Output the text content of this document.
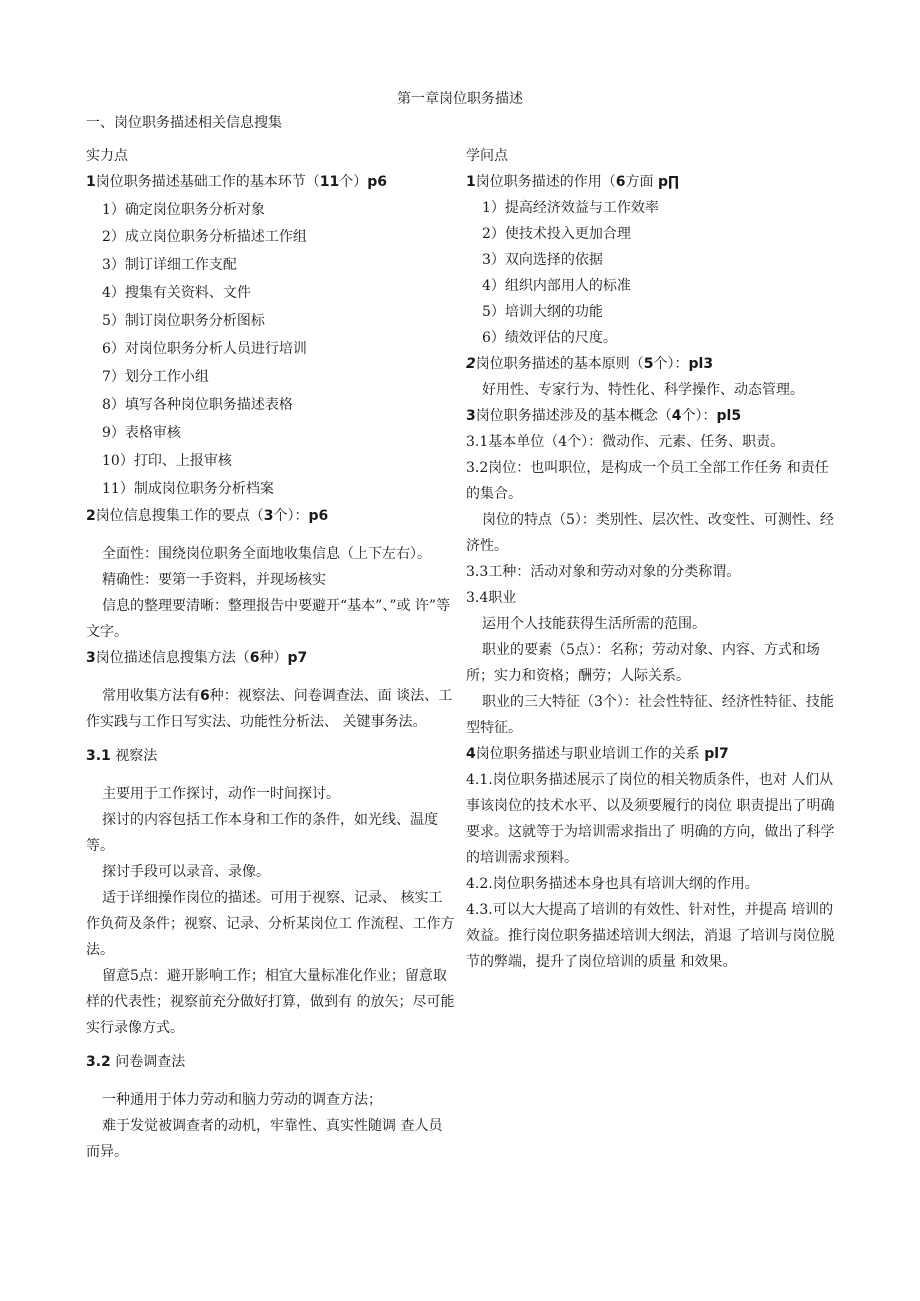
第一章岗位职务描述
一、岗位职务描述相关信息搜集
实力点
1岗位职务描述基础工作的基本环节（11个）p6
1）确定岗位职务分析对象
2）成立岗位职务分析描述工作组
3）制订详细工作支配
4）搜集有关资料、文件
5）制订岗位职务分析图标
6）对岗位职务分析人员进行培训
7）划分工作小组
8）填写各种岗位职务描述表格
9）表格审核
10）打印、上报审核
11）制成岗位职务分析档案
2岗位信息搜集工作的要点（3个）：p6
全面性：围绕岗位职务全面地收集信息（上下左右）。
精确性：要第一手资料，并现场核实
信息的整理要清晰：整理报告中要避开“基本”、”或 许”等文字。
3岗位描述信息搜集方法（6种）p7
常用收集方法有6种：视察法、问卷调查法、面 谈法、工作实践与工作日写实法、功能性分析法、 关键事务法。
3.1 视察法
主要用于工作探讨，动作一时间探讨。
探讨的内容包括工作本身和工作的条件，如光线、温度等。
探讨手段可以录音、录像。
适于详细操作岗位的描述。可用于视察、记录、 核实工作负荷及条件；视察、记录、分析某岗位工 作流程、工作方法。
留意5点：避开影响工作；相宜大量标准化作业；留意取样的代表性；视察前充分做好打算，做到有 的放矢；尽可能实行录像方式。
3.2 问卷调查法
一种通用于体力劳动和脑力劳动的调查方法；
难于发觉被调查者的动机，牢靠性、真实性随调 查人员而异。
学问点
1岗位职务描述的作用（6方面 p∏
1）提高经济效益与工作效率
2）使技术投入更加合理
3）双向选择的依据
4）组织内部用人的标准
5）培训大纲的功能
6）绩效评估的尺度。
2岗位职务描述的基本原则（5个）：pl3
好用性、专家行为、特性化、科学操作、动态管理。
3岗位职务描述涉及的基本概念（4个）：pl5
3.1基本单位（4个）：微动作、元素、任务、职责。
3.2岗位：也叫职位，是构成一个员工全部工作任务 和责任的集合。
岗位的特点（5）：类别性、层次性、改变性、可测性、经济性。
3.3工种：活动对象和劳动对象的分类称谓。
3.4职业
运用个人技能获得生活所需的范围。
职业的要素（5点）：名称；劳动对象、内容、方式和场所；实力和资格；酬劳；人际关系。
职业的三大特征（3个）：社会性特征、经济性特征、技能型特征。
4岗位职务描述与职业培训工作的关系 pl7
4.1.岗位职务描述展示了岗位的相关物质条件，也对 人们从事该岗位的技术水平、以及须要履行的岗位 职责提出了明确要求。这就等于为培训需求指出了 明确的方向，做出了科学的培训需求预料。
4.2.岗位职务描述本身也具有培训大纲的作用。
4.3.可以大大提高了培训的有效性、针对性，并提高 培训的效益。推行岗位职务描述培训大纲法，消退 了培训与岗位脱节的弊端，提升了岗位培训的质量 和效果。
